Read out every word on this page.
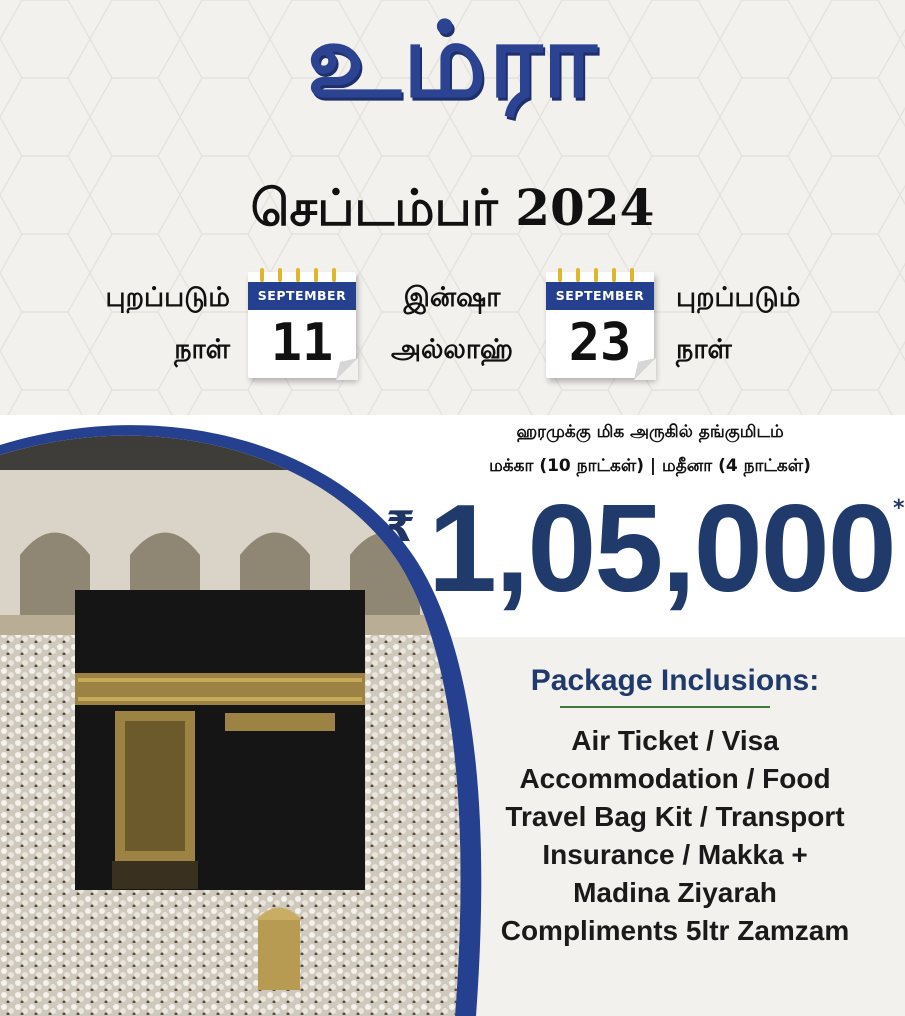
உம்ரா
செப்டம்பர் 2024
புறப்படும்
நாள்
SEPTEMBER
11
இன்ஷா
அல்லாஹ்
SEPTEMBER
23
புறப்படும்
நாள்
ஹரமுக்கு மிக அருகில் தங்குமிடம்
மக்கா (10 நாட்கள்) | மதீனா (4 நாட்கள்)
₹ 1,05,000
*
Package Inclusions:
Air Ticket / Visa
Accommodation / Food
Travel Bag Kit / Transport
Insurance / Makka +
Madina Ziyarah
Compliments 5ltr Zamzam
